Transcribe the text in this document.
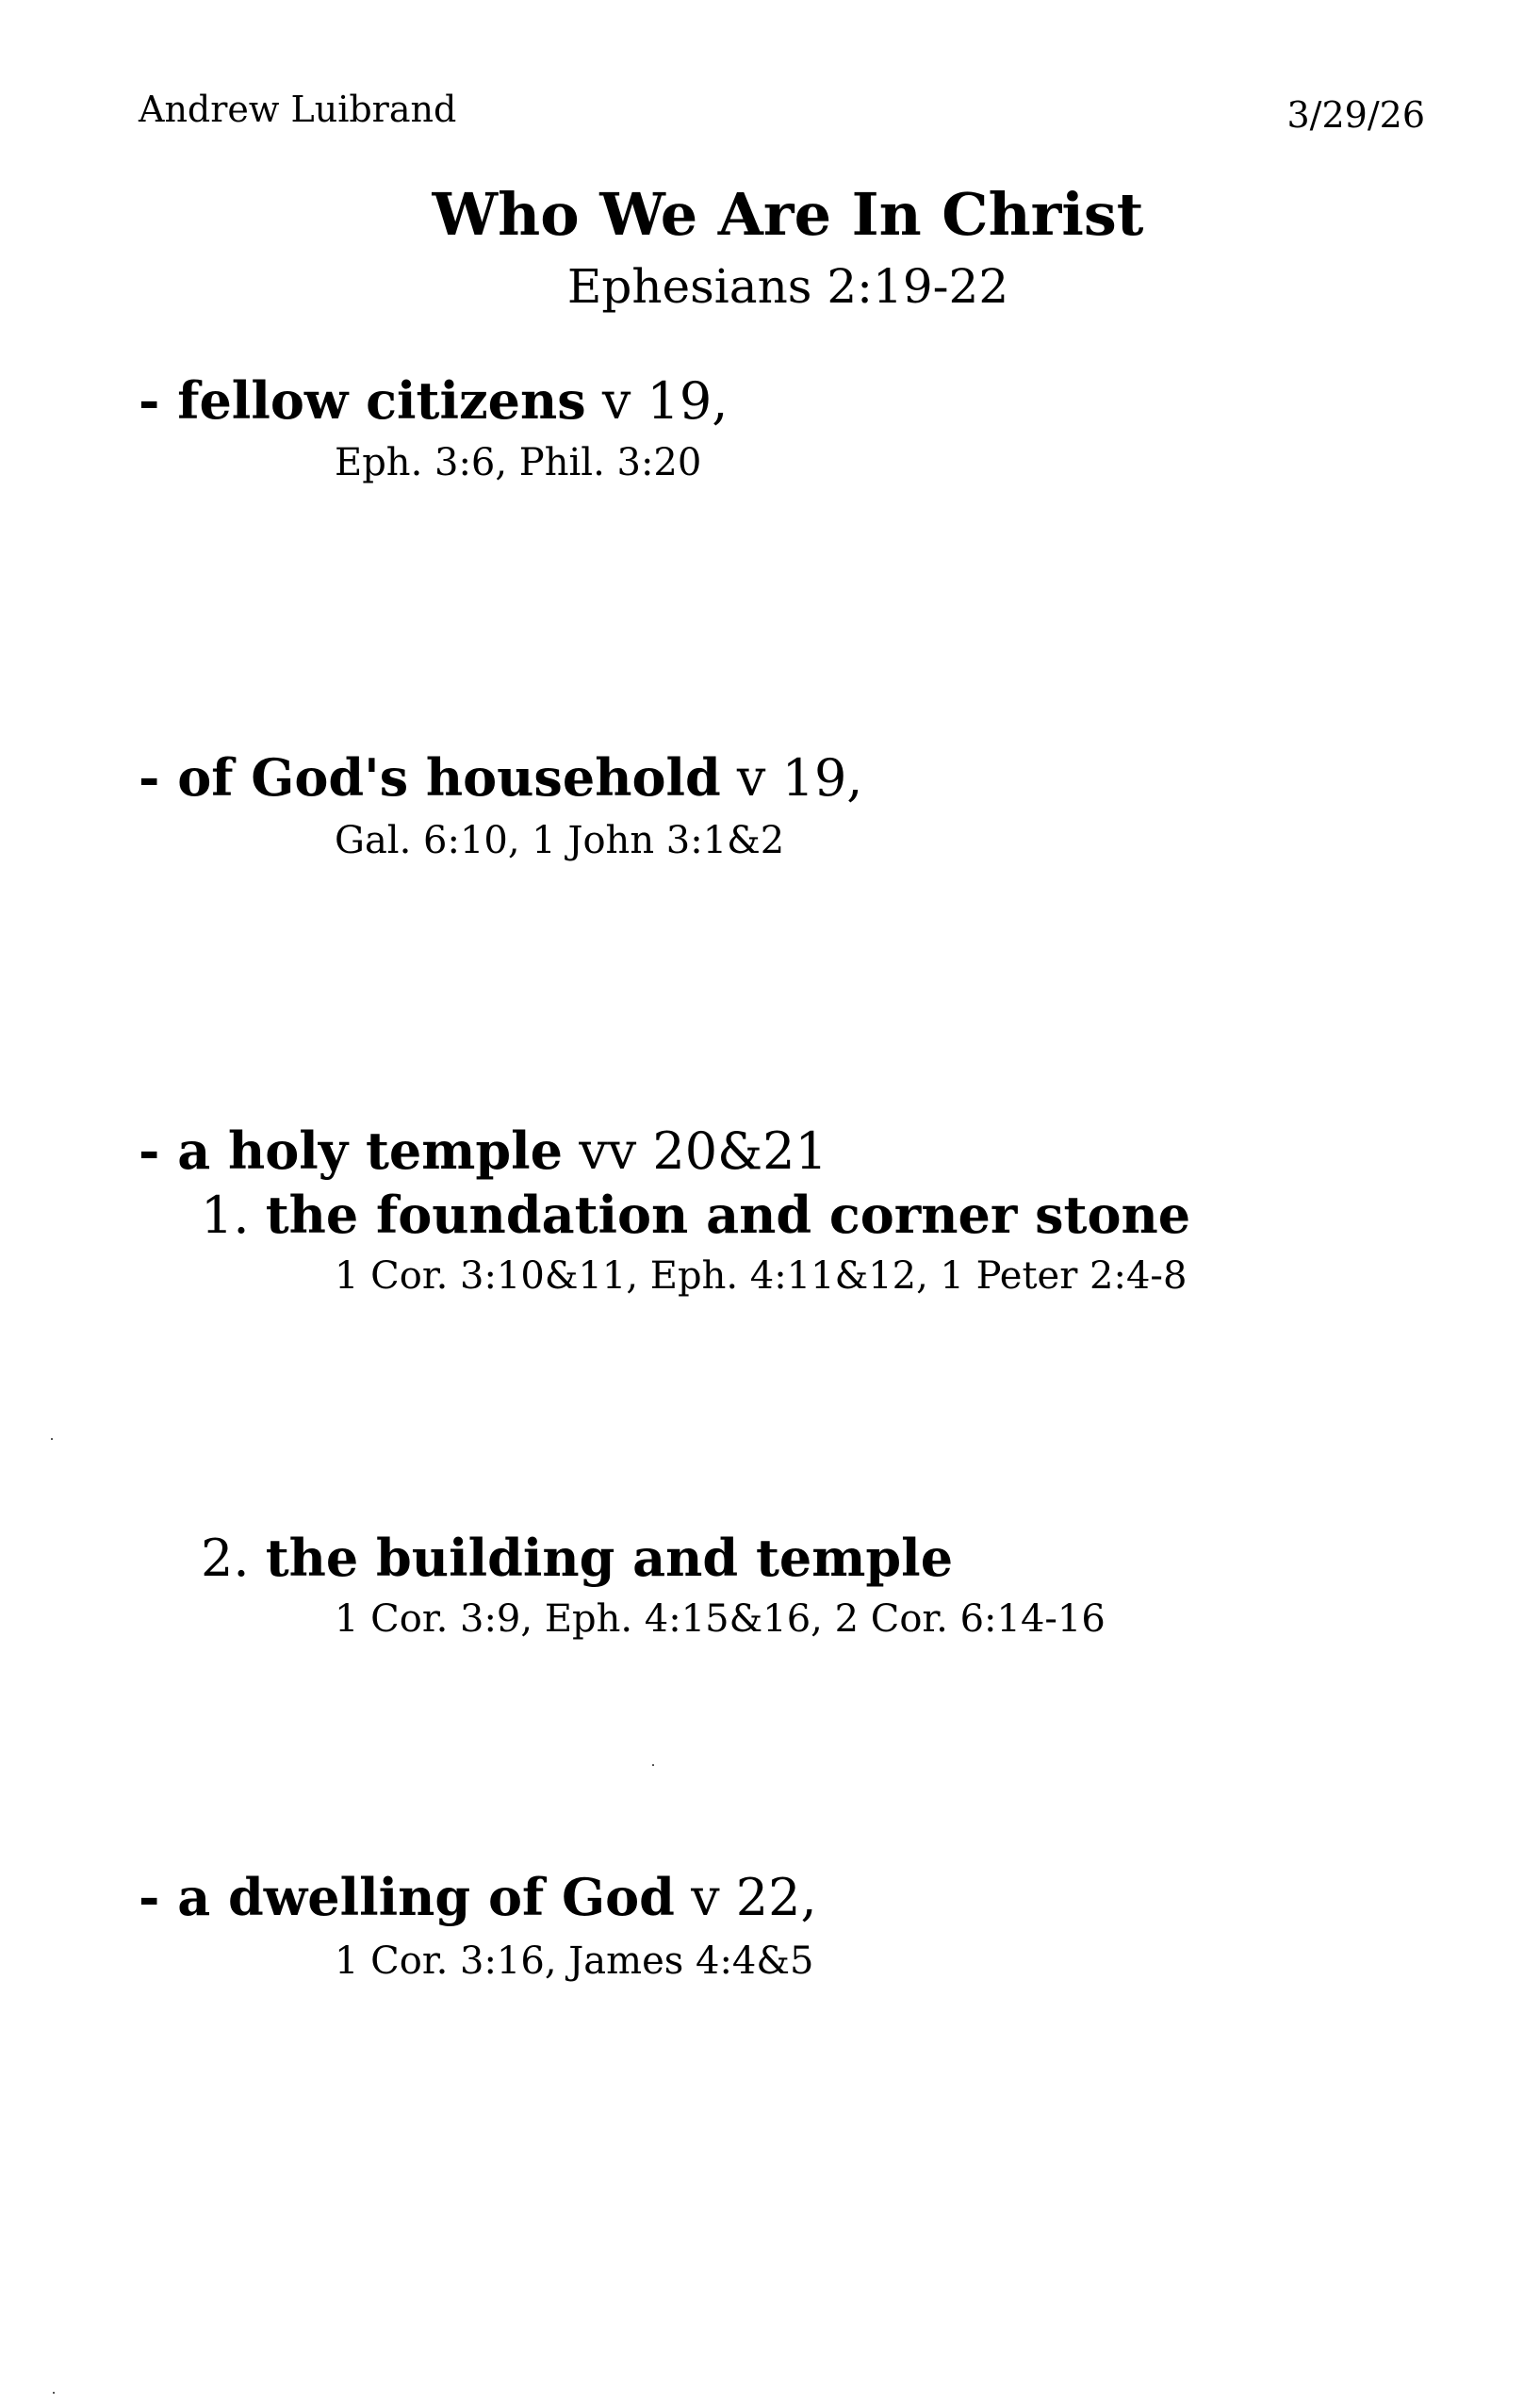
Andrew Luibrand	3/29/26
Who We Are In Christ
Ephesians 2:19-22
- fellow citizens v 19,
Eph. 3:6, Phil. 3:20
- of God's household v 19,
Gal. 6:10, 1 John 3:1&2
- a holy temple vv 20&21
1. the foundation and corner stone
1 Cor. 3:10&11, Eph. 4:11&12, 1 Peter 2:4-8
2. the building and temple
1 Cor. 3:9, Eph. 4:15&16, 2 Cor. 6:14-16
- a dwelling of God v 22,
1 Cor. 3:16, James 4:4&5
